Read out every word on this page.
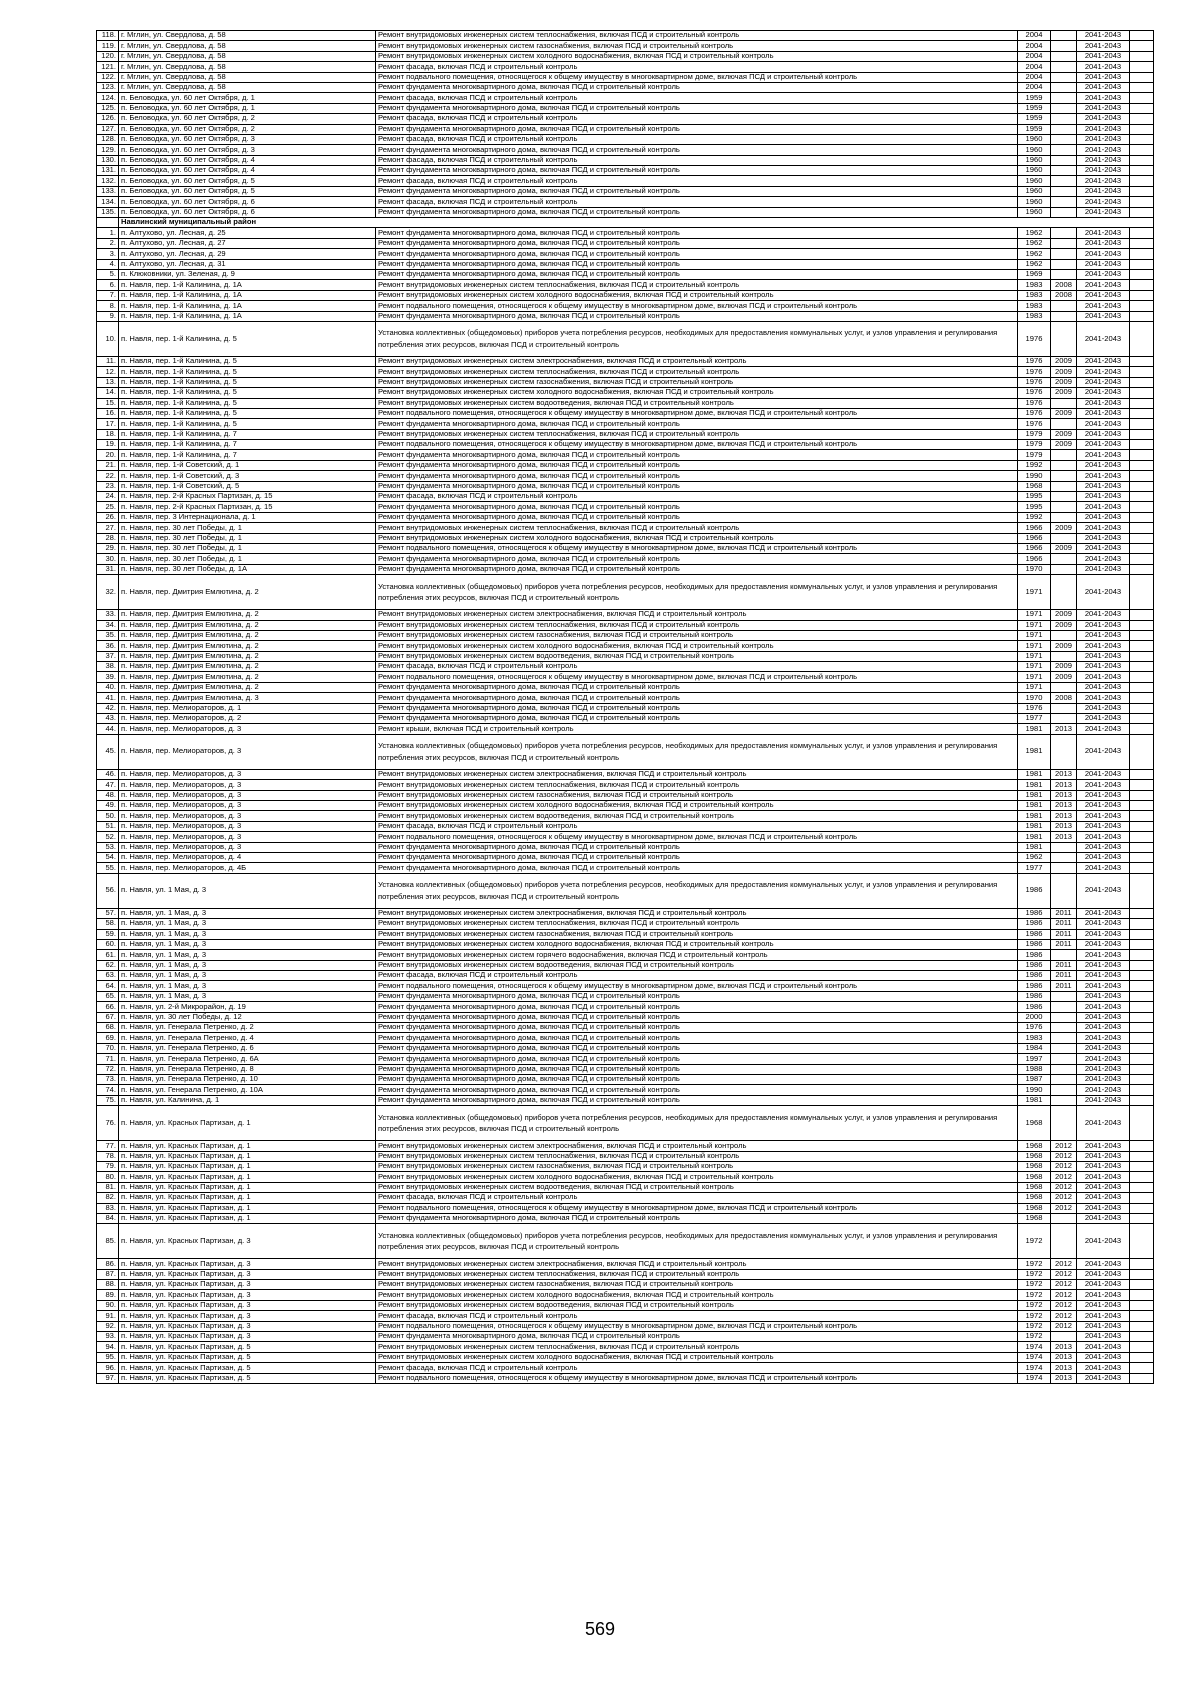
118.	г. Мглин, ул. Свердлова, д. 58	Ремонт внутридомовых инженерных систем теплоснабжения, включая ПСД и строительный контроль	2004		2041-2043	
119.	г. Мглин, ул. Свердлова, д. 58	Ремонт внутридомовых инженерных систем газоснабжения, включая ПСД и строительный контроль	2004		2041-2043	
120.	г. Мглин, ул. Свердлова, д. 58	Ремонт внутридомовых инженерных систем холодного водоснабжения, включая ПСД и строительный контроль	2004		2041-2043	
121.	г. Мглин, ул. Свердлова, д. 58	Ремонт фасада, включая ПСД и строительный контроль	2004		2041-2043	
122.	г. Мглин, ул. Свердлова, д. 58	Ремонт подвального помещения, относящегося к общему имуществу в многоквартирном доме, включая ПСД и строительный контроль	2004		2041-2043	
123.	г. Мглин, ул. Свердлова, д. 58	Ремонт фундамента многоквартирного дома, включая ПСД и строительный контроль	2004		2041-2043	
124.	п. Беловодка, ул. 60 лет Октября, д. 1	Ремонт фасада, включая ПСД и строительный контроль	1959		2041-2043	
125.	п. Беловодка, ул. 60 лет Октября, д. 1	Ремонт фундамента многоквартирного дома, включая ПСД и строительный контроль	1959		2041-2043	
126.	п. Беловодка, ул. 60 лет Октября, д. 2	Ремонт фасада, включая ПСД и строительный контроль	1959		2041-2043	
127.	п. Беловодка, ул. 60 лет Октября, д. 2	Ремонт фундамента многоквартирного дома, включая ПСД и строительный контроль	1959		2041-2043	
128.	п. Беловодка, ул. 60 лет Октября, д. 3	Ремонт фасада, включая ПСД и строительный контроль	1960		2041-2043	
129.	п. Беловодка, ул. 60 лет Октября, д. 3	Ремонт фундамента многоквартирного дома, включая ПСД и строительный контроль	1960		2041-2043	
130.	п. Беловодка, ул. 60 лет Октября, д. 4	Ремонт фасада, включая ПСД и строительный контроль	1960		2041-2043	
131.	п. Беловодка, ул. 60 лет Октября, д. 4	Ремонт фундамента многоквартирного дома, включая ПСД и строительный контроль	1960		2041-2043	
132.	п. Беловодка, ул. 60 лет Октября, д. 5	Ремонт фасада, включая ПСД и строительный контроль	1960		2041-2043	
133.	п. Беловодка, ул. 60 лет Октября, д. 5	Ремонт фундамента многоквартирного дома, включая ПСД и строительный контроль	1960		2041-2043	
134.	п. Беловодка, ул. 60 лет Октября, д. 6	Ремонт фасада, включая ПСД и строительный контроль	1960		2041-2043	
135.	п. Беловодка, ул. 60 лет Октября, д. 6	Ремонт фундамента многоквартирного дома, включая ПСД и строительный контроль	1960		2041-2043	
	Навлинский муниципальный район					
1.	п. Алтухово, ул. Лесная, д. 25	Ремонт фундамента многоквартирного дома, включая ПСД и строительный контроль	1962		2041-2043	
2.	п. Алтухово, ул. Лесная, д. 27	Ремонт фундамента многоквартирного дома, включая ПСД и строительный контроль	1962		2041-2043	
3.	п. Алтухово, ул. Лесная, д. 29	Ремонт фундамента многоквартирного дома, включая ПСД и строительный контроль	1962		2041-2043	
4.	п. Алтухово, ул. Лесная, д. 31	Ремонт фундамента многоквартирного дома, включая ПСД и строительный контроль	1962		2041-2043	
5.	п. Клюковники, ул. Зеленая, д. 9	Ремонт фундамента многоквартирного дома, включая ПСД и строительный контроль	1969		2041-2043	
6.	п. Навля, пер. 1-й Калинина, д. 1А	Ремонт внутридомовых инженерных систем теплоснабжения, включая ПСД и строительный контроль	1983	2008	2041-2043	
7.	п. Навля, пер. 1-й Калинина, д. 1А	Ремонт внутридомовых инженерных систем холодного водоснабжения, включая ПСД и строительный контроль	1983	2008	2041-2043	
8.	п. Навля, пер. 1-й Калинина, д. 1А	Ремонт подвального помещения, относящегося к общему имуществу в многоквартирном доме, включая ПСД и строительный контроль	1983		2041-2043	
9.	п. Навля, пер. 1-й Калинина, д. 1А	Ремонт фундамента многоквартирного дома, включая ПСД и строительный контроль	1983		2041-2043	
10.	п. Навля, пер. 1-й Калинина, д. 5	Установка коллективных (общедомовых) приборов учета потребления ресурсов, необходимых для предоставления коммунальных услуг, и узлов управления и регулирования потребления этих ресурсов, включая ПСД и строительный контроль	1976		2041-2043	
11.	п. Навля, пер. 1-й Калинина, д. 5	Ремонт внутридомовых инженерных систем электроснабжения, включая ПСД и строительный контроль	1976	2009	2041-2043	
12.	п. Навля, пер. 1-й Калинина, д. 5	Ремонт внутридомовых инженерных систем теплоснабжения, включая ПСД и строительный контроль	1976	2009	2041-2043	
13.	п. Навля, пер. 1-й Калинина, д. 5	Ремонт внутридомовых инженерных систем газоснабжения, включая ПСД и строительный контроль	1976	2009	2041-2043	
14.	п. Навля, пер. 1-й Калинина, д. 5	Ремонт внутридомовых инженерных систем холодного водоснабжения, включая ПСД и строительный контроль	1976	2009	2041-2043	
15.	п. Навля, пер. 1-й Калинина, д. 5	Ремонт внутридомовых инженерных систем водоотведения, включая ПСД и строительный контроль	1976		2041-2043	
16.	п. Навля, пер. 1-й Калинина, д. 5	Ремонт подвального помещения, относящегося к общему имуществу в многоквартирном доме, включая ПСД и строительный контроль	1976	2009	2041-2043	
17.	п. Навля, пер. 1-й Калинина, д. 5	Ремонт фундамента многоквартирного дома, включая ПСД и строительный контроль	1976		2041-2043	
18.	п. Навля, пер. 1-й Калинина, д. 7	Ремонт внутридомовых инженерных систем теплоснабжения, включая ПСД и строительный контроль	1979	2009	2041-2043	
19.	п. Навля, пер. 1-й Калинина, д. 7	Ремонт подвального помещения, относящегося к общему имуществу в многоквартирном доме, включая ПСД и строительный контроль	1979	2009	2041-2043	
20.	п. Навля, пер. 1-й Калинина, д. 7	Ремонт фундамента многоквартирного дома, включая ПСД и строительный контроль	1979		2041-2043	
21.	п. Навля, пер. 1-й Советский, д. 1	Ремонт фундамента многоквартирного дома, включая ПСД и строительный контроль	1992		2041-2043	
22.	п. Навля, пер. 1-й Советский, д. 3	Ремонт фундамента многоквартирного дома, включая ПСД и строительный контроль	1990		2041-2043	
23.	п. Навля, пер. 1-й Советский, д. 5	Ремонт фундамента многоквартирного дома, включая ПСД и строительный контроль	1968		2041-2043	
24.	п. Навля, пер. 2-й Красных Партизан, д. 15	Ремонт фасада, включая ПСД и строительный контроль	1995		2041-2043	
25.	п. Навля, пер. 2-й Красных Партизан, д. 15	Ремонт фундамента многоквартирного дома, включая ПСД и строительный контроль	1995		2041-2043	
26.	п. Навля, пер. 3 Интернационала, д. 1	Ремонт фундамента многоквартирного дома, включая ПСД и строительный контроль	1992		2041-2043	
27.	п. Навля, пер. 30 лет Победы, д. 1	Ремонт внутридомовых инженерных систем теплоснабжения, включая ПСД и строительный контроль	1966	2009	2041-2043	
28.	п. Навля, пер. 30 лет Победы, д. 1	Ремонт внутридомовых инженерных систем холодного водоснабжения, включая ПСД и строительный контроль	1966		2041-2043	
29.	п. Навля, пер. 30 лет Победы, д. 1	Ремонт подвального помещения, относящегося к общему имуществу в многоквартирном доме, включая ПСД и строительный контроль	1966	2009	2041-2043	
30.	п. Навля, пер. 30 лет Победы, д. 1	Ремонт фундамента многоквартирного дома, включая ПСД и строительный контроль	1966		2041-2043	
31.	п. Навля, пер. 30 лет Победы, д. 1А	Ремонт фундамента многоквартирного дома, включая ПСД и строительный контроль	1970		2041-2043	
32.	п. Навля, пер. Дмитрия Емлютина, д. 2	Установка коллективных (общедомовых) приборов учета потребления ресурсов, необходимых для предоставления коммунальных услуг, и узлов управления и регулирования потребления этих ресурсов, включая ПСД и строительный контроль	1971		2041-2043	
33.	п. Навля, пер. Дмитрия Емлютина, д. 2	Ремонт внутридомовых инженерных систем электроснабжения, включая ПСД и строительный контроль	1971	2009	2041-2043	
34.	п. Навля, пер. Дмитрия Емлютина, д. 2	Ремонт внутридомовых инженерных систем теплоснабжения, включая ПСД и строительный контроль	1971	2009	2041-2043	
35.	п. Навля, пер. Дмитрия Емлютина, д. 2	Ремонт внутридомовых инженерных систем газоснабжения, включая ПСД и строительный контроль	1971		2041-2043	
36.	п. Навля, пер. Дмитрия Емлютина, д. 2	Ремонт внутридомовых инженерных систем холодного водоснабжения, включая ПСД и строительный контроль	1971	2009	2041-2043	
37.	п. Навля, пер. Дмитрия Емлютина, д. 2	Ремонт внутридомовых инженерных систем водоотведения, включая ПСД и строительный контроль	1971		2041-2043	
38.	п. Навля, пер. Дмитрия Емлютина, д. 2	Ремонт фасада, включая ПСД и строительный контроль	1971	2009	2041-2043	
39.	п. Навля, пер. Дмитрия Емлютина, д. 2	Ремонт подвального помещения, относящегося к общему имуществу в многоквартирном доме, включая ПСД и строительный контроль	1971	2009	2041-2043	
40.	п. Навля, пер. Дмитрия Емлютина, д. 2	Ремонт фундамента многоквартирного дома, включая ПСД и строительный контроль	1971		2041-2043	
41.	п. Навля, пер. Дмитрия Емлютина, д. 3	Ремонт фундамента многоквартирного дома, включая ПСД и строительный контроль	1970	2008	2041-2043	
42.	п. Навля, пер. Мелиораторов, д. 1	Ремонт фундамента многоквартирного дома, включая ПСД и строительный контроль	1976		2041-2043	
43.	п. Навля, пер. Мелиораторов, д. 2	Ремонт фундамента многоквартирного дома, включая ПСД и строительный контроль	1977		2041-2043	
44.	п. Навля, пер. Мелиораторов, д. 3	Ремонт крыши, включая ПСД и строительный контроль	1981	2013	2041-2043	
45.	п. Навля, пер. Мелиораторов, д. 3	Установка коллективных (общедомовых) приборов учета потребления ресурсов, необходимых для предоставления коммунальных услуг, и узлов управления и регулирования потребления этих ресурсов, включая ПСД и строительный контроль	1981		2041-2043	
46.	п. Навля, пер. Мелиораторов, д. 3	Ремонт внутридомовых инженерных систем электроснабжения, включая ПСД и строительный контроль	1981	2013	2041-2043	
47.	п. Навля, пер. Мелиораторов, д. 3	Ремонт внутридомовых инженерных систем теплоснабжения, включая ПСД и строительный контроль	1981	2013	2041-2043	
48.	п. Навля, пер. Мелиораторов, д. 3	Ремонт внутридомовых инженерных систем газоснабжения, включая ПСД и строительный контроль	1981	2013	2041-2043	
49.	п. Навля, пер. Мелиораторов, д. 3	Ремонт внутридомовых инженерных систем холодного водоснабжения, включая ПСД и строительный контроль	1981	2013	2041-2043	
50.	п. Навля, пер. Мелиораторов, д. 3	Ремонт внутридомовых инженерных систем водоотведения, включая ПСД и строительный контроль	1981	2013	2041-2043	
51.	п. Навля, пер. Мелиораторов, д. 3	Ремонт фасада, включая ПСД и строительный контроль	1981	2013	2041-2043	
52.	п. Навля, пер. Мелиораторов, д. 3	Ремонт подвального помещения, относящегося к общему имуществу в многоквартирном доме, включая ПСД и строительный контроль	1981	2013	2041-2043	
53.	п. Навля, пер. Мелиораторов, д. 3	Ремонт фундамента многоквартирного дома, включая ПСД и строительный контроль	1981		2041-2043	
54.	п. Навля, пер. Мелиораторов, д. 4	Ремонт фундамента многоквартирного дома, включая ПСД и строительный контроль	1962		2041-2043	
55.	п. Навля, пер. Мелиораторов, д. 4Б	Ремонт фундамента многоквартирного дома, включая ПСД и строительный контроль	1977		2041-2043	
56.	п. Навля, ул. 1 Мая, д. 3	Установка коллективных (общедомовых) приборов учета потребления ресурсов, необходимых для предоставления коммунальных услуг, и узлов управления и регулирования потребления этих ресурсов, включая ПСД и строительный контроль	1986		2041-2043	
57.	п. Навля, ул. 1 Мая, д. 3	Ремонт внутридомовых инженерных систем электроснабжения, включая ПСД и строительный контроль	1986	2011	2041-2043	
58.	п. Навля, ул. 1 Мая, д. 3	Ремонт внутридомовых инженерных систем теплоснабжения, включая ПСД и строительный контроль	1986	2011	2041-2043	
59.	п. Навля, ул. 1 Мая, д. 3	Ремонт внутридомовых инженерных систем газоснабжения, включая ПСД и строительный контроль	1986	2011	2041-2043	
60.	п. Навля, ул. 1 Мая, д. 3	Ремонт внутридомовых инженерных систем холодного водоснабжения, включая ПСД и строительный контроль	1986	2011	2041-2043	
61.	п. Навля, ул. 1 Мая, д. 3	Ремонт внутридомовых инженерных систем горячего водоснабжения, включая ПСД и строительный контроль	1986		2041-2043	
62.	п. Навля, ул. 1 Мая, д. 3	Ремонт внутридомовых инженерных систем водоотведения, включая ПСД и строительный контроль	1986	2011	2041-2043	
63.	п. Навля, ул. 1 Мая, д. 3	Ремонт фасада, включая ПСД и строительный контроль	1986	2011	2041-2043	
64.	п. Навля, ул. 1 Мая, д. 3	Ремонт подвального помещения, относящегося к общему имуществу в многоквартирном доме, включая ПСД и строительный контроль	1986	2011	2041-2043	
65.	п. Навля, ул. 1 Мая, д. 3	Ремонт фундамента многоквартирного дома, включая ПСД и строительный контроль	1986		2041-2043	
66.	п. Навля, ул. 2-й Микрорайон, д. 19	Ремонт фундамента многоквартирного дома, включая ПСД и строительный контроль	1986		2041-2043	
67.	п. Навля, ул. 30 лет Победы, д. 12	Ремонт фундамента многоквартирного дома, включая ПСД и строительный контроль	2000		2041-2043	
68.	п. Навля, ул. Генерала Петренко, д. 2	Ремонт фундамента многоквартирного дома, включая ПСД и строительный контроль	1976		2041-2043	
69.	п. Навля, ул. Генерала Петренко, д. 4	Ремонт фундамента многоквартирного дома, включая ПСД и строительный контроль	1983		2041-2043	
70.	п. Навля, ул. Генерала Петренко, д. 6	Ремонт фундамента многоквартирного дома, включая ПСД и строительный контроль	1984		2041-2043	
71.	п. Навля, ул. Генерала Петренко, д. 6А	Ремонт фундамента многоквартирного дома, включая ПСД и строительный контроль	1997		2041-2043	
72.	п. Навля, ул. Генерала Петренко, д. 8	Ремонт фундамента многоквартирного дома, включая ПСД и строительный контроль	1988		2041-2043	
73.	п. Навля, ул. Генерала Петренко, д. 10	Ремонт фундамента многоквартирного дома, включая ПСД и строительный контроль	1987		2041-2043	
74.	п. Навля, ул. Генерала Петренко, д. 10А	Ремонт фундамента многоквартирного дома, включая ПСД и строительный контроль	1990		2041-2043	
75.	п. Навля, ул. Калинина, д. 1	Ремонт фундамента многоквартирного дома, включая ПСД и строительный контроль	1981		2041-2043	
76.	п. Навля, ул. Красных Партизан, д. 1	Установка коллективных (общедомовых) приборов учета потребления ресурсов, необходимых для предоставления коммунальных услуг, и узлов управления и регулирования потребления этих ресурсов, включая ПСД и строительный контроль	1968		2041-2043	
77.	п. Навля, ул. Красных Партизан, д. 1	Ремонт внутридомовых инженерных систем электроснабжения, включая ПСД и строительный контроль	1968	2012	2041-2043	
78.	п. Навля, ул. Красных Партизан, д. 1	Ремонт внутридомовых инженерных систем теплоснабжения, включая ПСД и строительный контроль	1968	2012	2041-2043	
79.	п. Навля, ул. Красных Партизан, д. 1	Ремонт внутридомовых инженерных систем газоснабжения, включая ПСД и строительный контроль	1968	2012	2041-2043	
80.	п. Навля, ул. Красных Партизан, д. 1	Ремонт внутридомовых инженерных систем холодного водоснабжения, включая ПСД и строительный контроль	1968	2012	2041-2043	
81.	п. Навля, ул. Красных Партизан, д. 1	Ремонт внутридомовых инженерных систем водоотведения, включая ПСД и строительный контроль	1968	2012	2041-2043	
82.	п. Навля, ул. Красных Партизан, д. 1	Ремонт фасада, включая ПСД и строительный контроль	1968	2012	2041-2043	
83.	п. Навля, ул. Красных Партизан, д. 1	Ремонт подвального помещения, относящегося к общему имуществу в многоквартирном доме, включая ПСД и строительный контроль	1968	2012	2041-2043	
84.	п. Навля, ул. Красных Партизан, д. 1	Ремонт фундамента многоквартирного дома, включая ПСД и строительный контроль	1968		2041-2043	
85.	п. Навля, ул. Красных Партизан, д. 3	Установка коллективных (общедомовых) приборов учета потребления ресурсов, необходимых для предоставления коммунальных услуг, и узлов управления и регулирования потребления этих ресурсов, включая ПСД и строительный контроль	1972		2041-2043	
86.	п. Навля, ул. Красных Партизан, д. 3	Ремонт внутридомовых инженерных систем электроснабжения, включая ПСД и строительный контроль	1972	2012	2041-2043	
87.	п. Навля, ул. Красных Партизан, д. 3	Ремонт внутридомовых инженерных систем теплоснабжения, включая ПСД и строительный контроль	1972	2012	2041-2043	
88.	п. Навля, ул. Красных Партизан, д. 3	Ремонт внутридомовых инженерных систем газоснабжения, включая ПСД и строительный контроль	1972	2012	2041-2043	
89.	п. Навля, ул. Красных Партизан, д. 3	Ремонт внутридомовых инженерных систем холодного водоснабжения, включая ПСД и строительный контроль	1972	2012	2041-2043	
90.	п. Навля, ул. Красных Партизан, д. 3	Ремонт внутридомовых инженерных систем водоотведения, включая ПСД и строительный контроль	1972	2012	2041-2043	
91.	п. Навля, ул. Красных Партизан, д. 3	Ремонт фасада, включая ПСД и строительный контроль	1972	2012	2041-2043	
92.	п. Навля, ул. Красных Партизан, д. 3	Ремонт подвального помещения, относящегося к общему имуществу в многоквартирном доме, включая ПСД и строительный контроль	1972	2012	2041-2043	
93.	п. Навля, ул. Красных Партизан, д. 3	Ремонт фундамента многоквартирного дома, включая ПСД и строительный контроль	1972		2041-2043	
94.	п. Навля, ул. Красных Партизан, д. 5	Ремонт внутридомовых инженерных систем теплоснабжения, включая ПСД и строительный контроль	1974	2013	2041-2043	
95.	п. Навля, ул. Красных Партизан, д. 5	Ремонт внутридомовых инженерных систем холодного водоснабжения, включая ПСД и строительный контроль	1974	2013	2041-2043	
96.	п. Навля, ул. Красных Партизан, д. 5	Ремонт фасада, включая ПСД и строительный контроль	1974	2013	2041-2043	
97.	п. Навля, ул. Красных Партизан, д. 5	Ремонт подвального помещения, относящегося к общему имуществу в многоквартирном доме, включая ПСД и строительный контроль	1974	2013	2041-2043	
569
